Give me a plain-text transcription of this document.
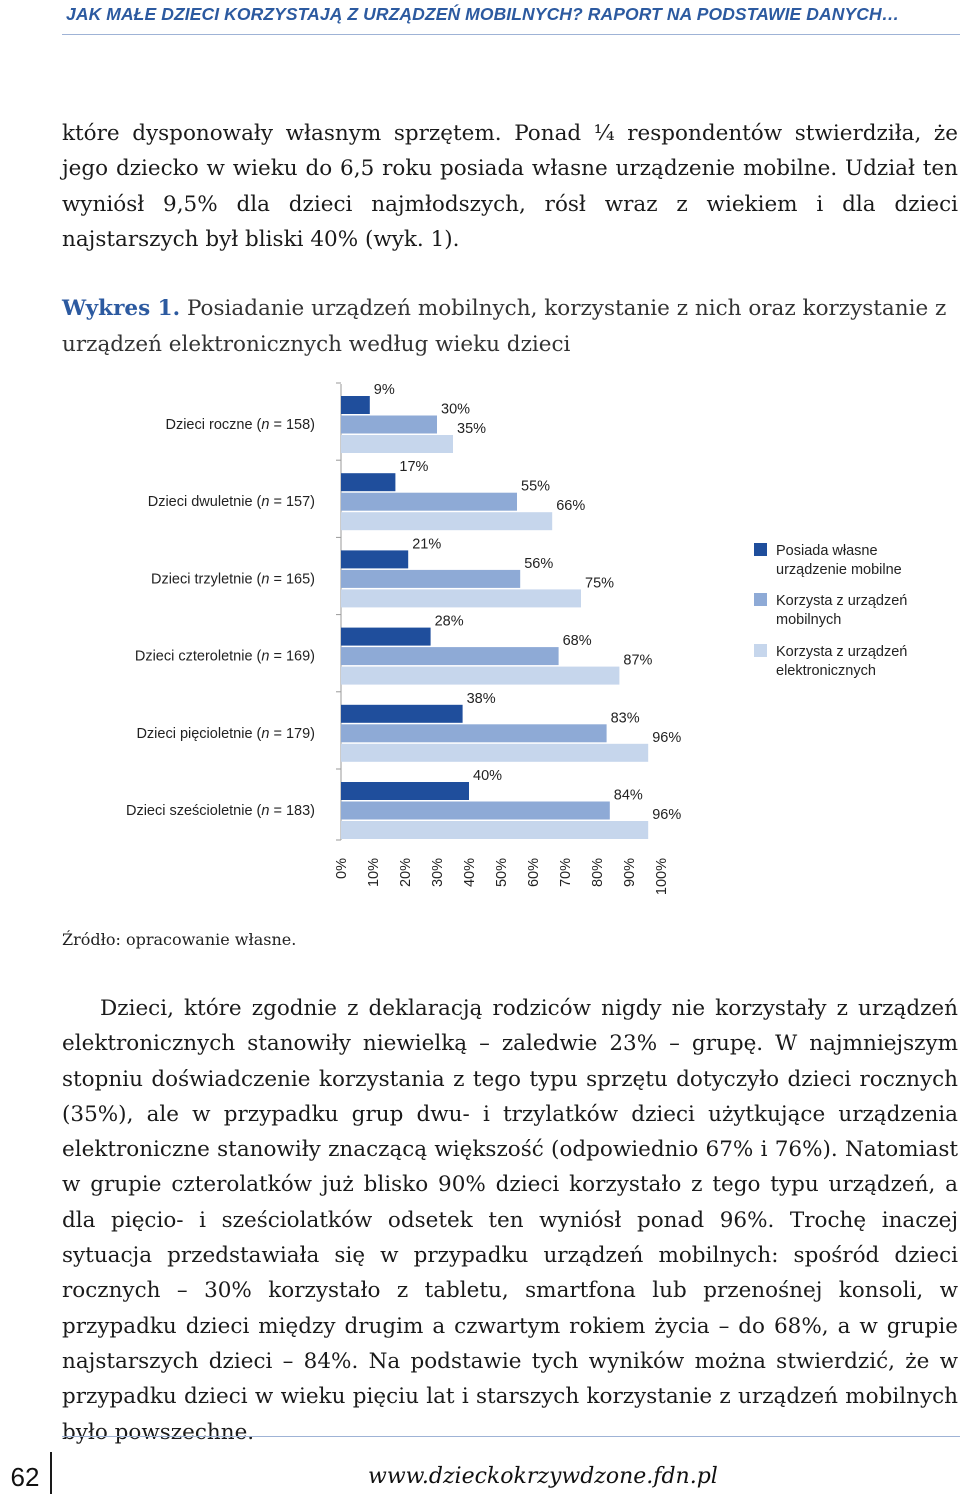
JAK MAŁE DZIECI KORZYSTAJĄ Z URZĄDZEŃ MOBILNYCH? RAPORT NA PODSTAWIE DANYCH…
które dysponowały własnym sprzętem. Ponad ¼ respondentów stwierdziła, że jego dziecko w wieku do 6,5 roku posiada własne urządzenie mobilne. Udział ten wyniósł 9,5% dla dzieci najmłodszych, rósł wraz z wiekiem i dla dzieci najstarszych był bliski 40% (wyk. 1).
Wykres 1. Posiadanie urządzeń mobilnych, korzystanie z nich oraz korzystanie z urządzeń elektronicznych według wieku dzieci
Dzieci roczne (n = 158)
9%
30%
35%
Dzieci dwuletnie (n = 157)
17%
55%
66%
Dzieci trzyletnie (n = 165)
21%
56%
75%
Dzieci czteroletnie (n = 169)
28%
68%
87%
Dzieci pięcioletnie (n = 179)
38%
83%
96%
Dzieci sześcioletnie (n = 183)
40%
84%
96%
0% 10% 20% 30% 40% 50% 60% 70% 80% 90% 100%
Posiada własne
urządzenie mobilne
Korzysta z urządzeń
mobilnych
Korzysta z urządzeń
elektronicznych
Źródło: opracowanie własne.
Dzieci, które zgodnie z deklaracją rodziców nigdy nie korzystały z urządzeń elektronicznych stanowiły niewielką – zaledwie 23% – grupę. W najmniejszym stopniu doświadczenie korzystania z tego typu sprzętu dotyczyło dzieci rocznych (35%), ale w przypadku grup dwu- i trzylatków dzieci użytkujące urządzenia elektroniczne stanowiły znaczącą większość (odpowiednio 67% i 76%). Natomiast w grupie czterolatków już blisko 90% dzieci korzystało z tego typu urządzeń, a dla pięcio- i sześciolatków odsetek ten wyniósł ponad 96%. Trochę inaczej sytuacja przedstawiała się w przypadku urządzeń mobilnych: spośród dzieci rocznych – 30% korzystało z tabletu, smartfona lub przenośnej konsoli, w przypadku dzieci między drugim a czwartym rokiem życia – do 68%, a w grupie najstarszych dzieci – 84%. Na podstawie tych wyników można stwierdzić, że w przypadku dzieci w wieku pięciu lat i starszych korzystanie z urządzeń mobilnych było powszechne.
62	www.dzieckokrzywdzone.fdn.pl
